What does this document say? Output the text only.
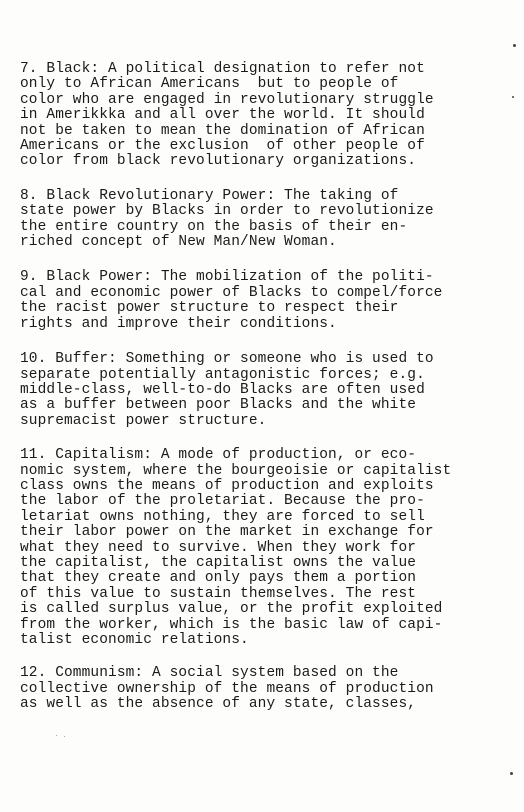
7. Black: A political designation to refer not
only to African Americans  but to people of
color who are engaged in revolutionary struggle
in Amerikkka and all over the world. It should
not be taken to mean the domination of African
Americans or the exclusion  of other people of
color from black revolutionary organizations.
8. Black Revolutionary Power: The taking of
state power by Blacks in order to revolutionize
the entire country on the basis of their en-
riched concept of New Man/New Woman.
9. Black Power: The mobilization of the politi-
cal and economic power of Blacks to compel/force
the racist power structure to respect their
rights and improve their conditions.
10. Buffer: Something or someone who is used to
separate potentially antagonistic forces; e.g.
middle-class, well-to-do Blacks are often used
as a buffer between poor Blacks and the white
supremacist power structure.
11. Capitalism: A mode of production, or eco-
nomic system, where the bourgeoisie or capitalist
class owns the means of production and exploits
the labor of the proletariat. Because the pro-
letariat owns nothing, they are forced to sell
their labor power on the market in exchange for
what they need to survive. When they work for
the capitalist, the capitalist owns the value
that they create and only pays them a portion
of this value to sustain themselves. The rest
is called surplus value, or the profit exploited
from the worker, which is the basic law of capi-
talist economic relations.
12. Communism: A social system based on the
collective ownership of the means of production
as well as the absence of any state, classes,
